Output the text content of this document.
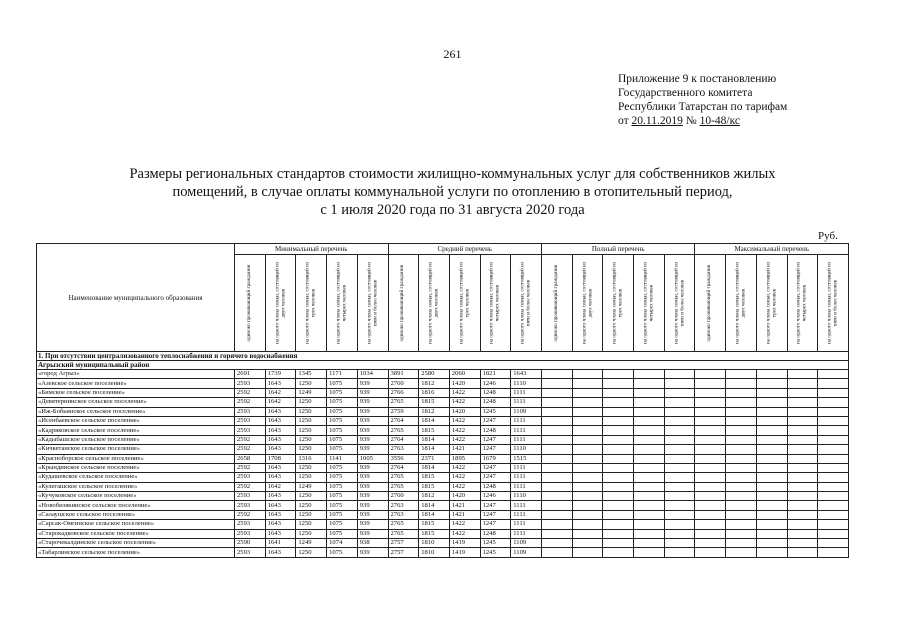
261
Приложение 9 к постановлению
Государственного комитета
Республики Татарстан по тарифам
от 20.11.2019 № 10-48/кс
Размеры региональных стандартов стоимости жилищно-коммунальных услуг для собственников жилых
помещений, в случае оплаты коммунальной услуги по отоплению в отопительный период,
с 1 июля 2020 года по 31 августа 2020 года
Руб.
Наименование муниципального образования	Минимальный перечень					Средний перечень					Полный перечень					Максимальный перечень				

	одиноко проживающий гражданин	на одного члена семьи, состоящей из двух человек	на одного члена семьи, состоящей из трех человек	на одного члена семьи, состоящей из четырех человек	на одного члена семьи, состоящей из пяти и более человек	одиноко проживающий гражданин	на одного члена семьи, состоящей из двух человек	на одного члена семьи, состоящей из трех человек	на одного члена семьи, состоящей из четырех человек	на одного члена семьи, состоящей из пяти и более человек	одиноко проживающий гражданин	на одного члена семьи, состоящей из двух человек	на одного члена семьи, состоящей из трех человек	на одного члена семьи, состоящей из четырех человек	на одного члена семьи, состоящей из пяти и более человек	одиноко проживающий гражданин	на одного члена семьи, состоящей из двух человек	на одного члена семьи, состоящей из трех человек	на одного члена семьи, состоящей из четырех человек	на одного члена семьи, состоящей из пяти и более человек

1. При отсутствии централизованного теплоснабжения и горячего водоснабжения																				
Агрызский муниципальный район																				
«город Агрыз»	2691	1739	1345	1171	1034	3891	2580	2060	1821	1643										
«Азевское сельское поселение»	2593	1643	1250	1075	939	2760	1812	1420	1246	1110										
«Бимское сельское поселение»	2592	1642	1249	1075	939	2766	1816	1422	1248	1111										
«Девятернинское сельское поселение»	2592	1642	1250	1075	939	2765	1815	1422	1248	1111										
«Иж-Бобьинское сельское поселение»	2593	1643	1250	1075	939	2759	1812	1420	1245	1109										
«Исенбаевское сельское поселение»	2593	1643	1250	1075	939	2764	1814	1422	1247	1111										
«Кадряковское сельское поселение»	2593	1643	1250	1075	939	2765	1815	1422	1248	1111										
«Кадыбашское сельское поселение»	2592	1643	1250	1075	939	2764	1814	1422	1247	1111										
«Кичкетанское сельское поселение»	2592	1643	1250	1075	939	2763	1814	1421	1247	1110										
«Красноборское сельское поселение»	2658	1708	1316	1141	1005	3556	2371	1895	1679	1515										
«Крындинское сельское поселение»	2592	1643	1250	1075	939	2764	1814	1422	1247	1111										
«Кудашевское сельское поселение»	2593	1643	1250	1075	939	2765	1815	1422	1247	1111										
«Кулегашское сельское поселение»	2592	1642	1249	1075	939	2765	1815	1422	1248	1111										
«Кучуковское сельское поселение»	2593	1643	1250	1075	939	2760	1812	1420	1246	1110										
«Новобизякинское сельское поселение»	2593	1643	1250	1075	939	2763	1814	1421	1247	1111										
«Салаушское сельское поселение»	2592	1643	1250	1075	939	2763	1814	1421	1247	1111										
«Сарсак-Омгинское сельское поселение»	2593	1643	1250	1075	939	2765	1815	1422	1247	1111										
«Старокадковское сельское поселение»	2593	1643	1250	1075	939	2765	1815	1422	1248	1111										
«Старочекалдинское сельское поселение»	2590	1641	1249	1074	938	2757	1810	1419	1245	1109										
«Табарлинское сельское поселение»	2593	1643	1250	1075	939	2757	1810	1419	1245	1109										
